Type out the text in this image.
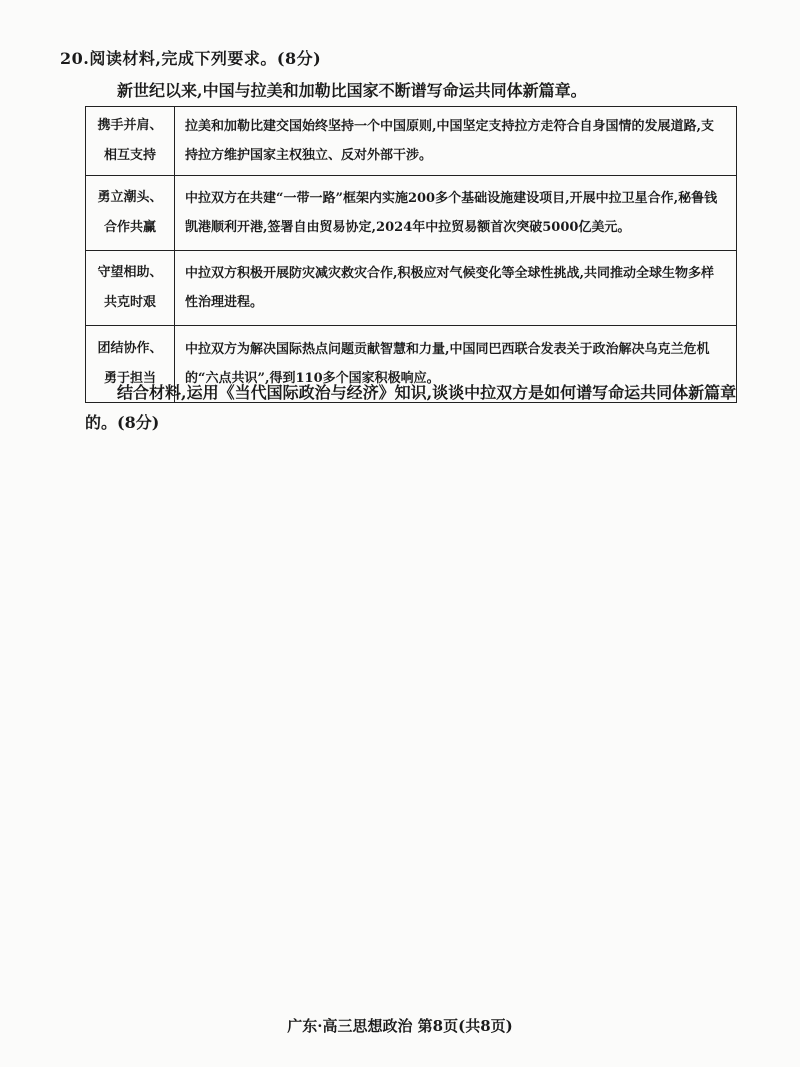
20.阅读材料,完成下列要求。(8分)
新世纪以来,中国与拉美和加勒比国家不断谱写命运共同体新篇章。
携手并肩、
相互支持	拉美和加勒比建交国始终坚持一个中国原则,中国坚定支持拉方走符合自身国情的发展道路,支持拉方维护国家主权独立、反对外部干涉。

勇立潮头、
合作共赢	中拉双方在共建“一带一路”框架内实施200多个基础设施建设项目,开展中拉卫星合作,秘鲁钱凯港顺利开港,签署自由贸易协定,2024年中拉贸易额首次突破5000亿美元。

守望相助、
共克时艰	中拉双方积极开展防灾减灾救灾合作,积极应对气候变化等全球性挑战,共同推动全球生物多样性治理进程。

团结协作、
勇于担当	中拉双方为解决国际热点问题贡献智慧和力量,中国同巴西联合发表关于政治解决乌克兰危机的“六点共识”,得到110多个国家积极响应。
结合材料,运用《当代国际政治与经济》知识,谈谈中拉双方是如何谱写命运共同体新篇章的。(8分)
广东·高三思想政治 第8页(共8页)
